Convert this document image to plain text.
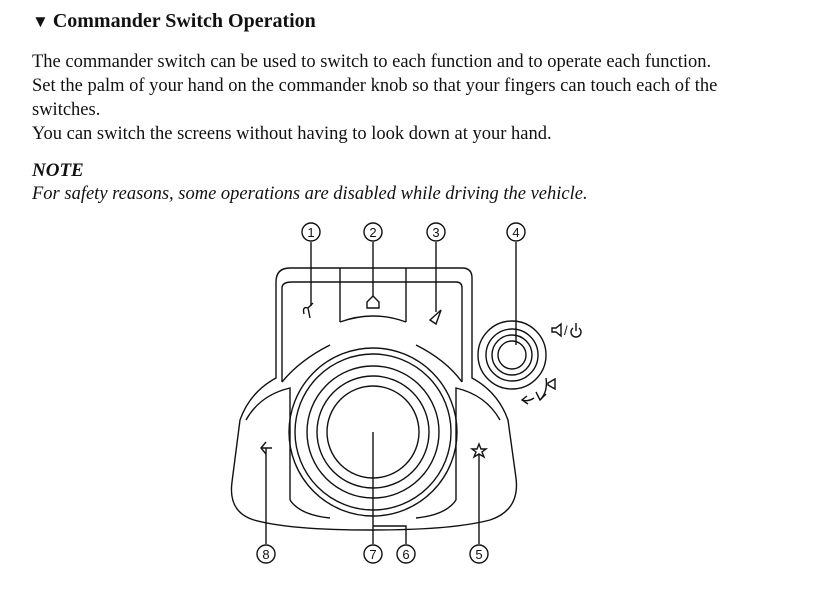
▼ Commander Switch Operation
The commander switch can be used to switch to each function and to operate each function.
Set the palm of your hand on the commander knob so that your fingers can touch each of the
switches.
You can switch the screens without having to look down at your hand.
NOTE
For safety reasons, some operations are disabled while driving the vehicle.
/
1	2	3	4
5
6
7
8
